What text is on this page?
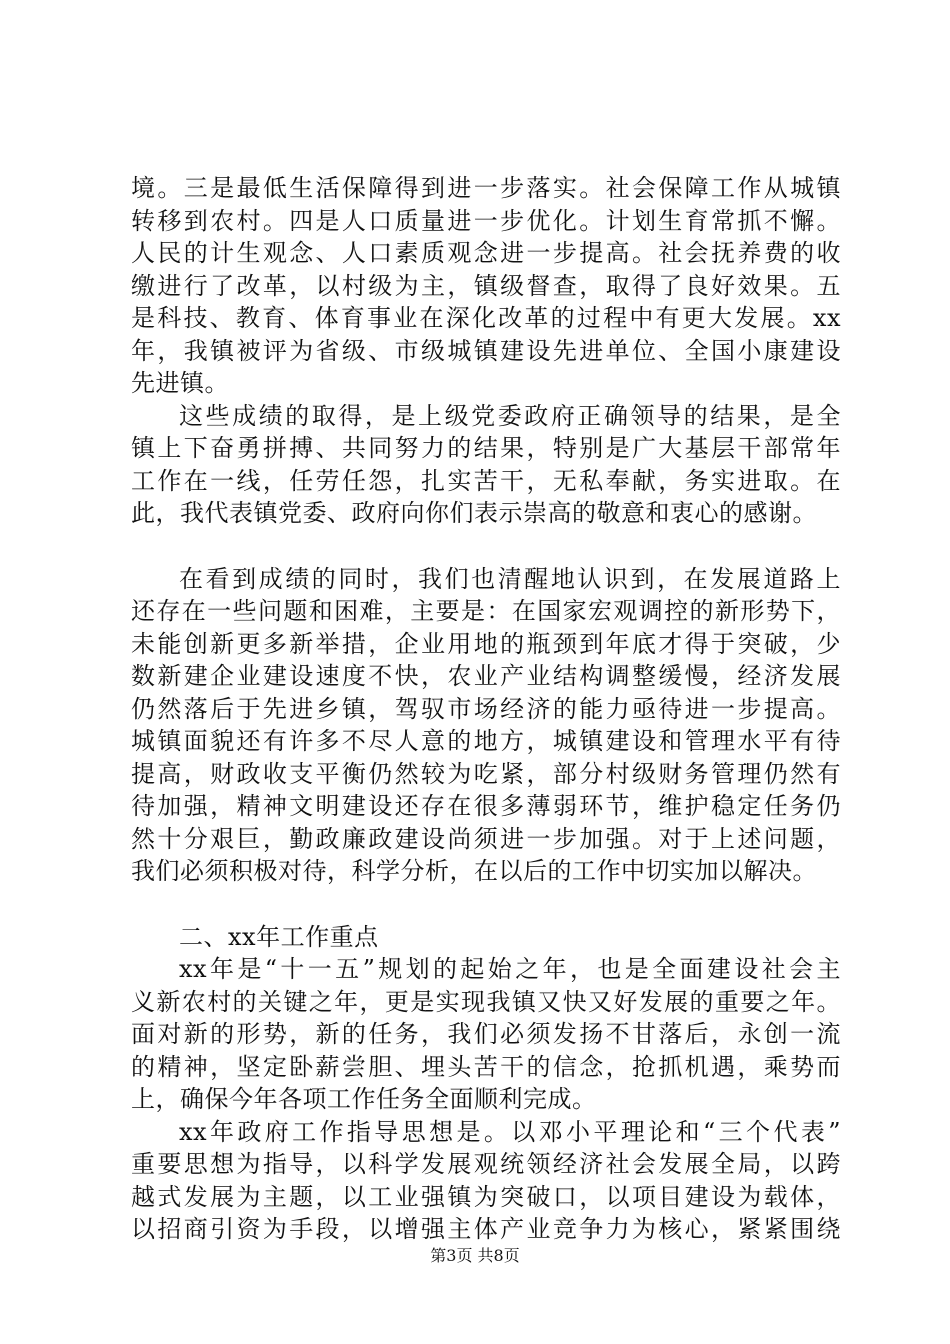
境。三是最低生活保障得到进一步落实。社会保障工作从城镇
转移到农村。四是人口质量进一步优化。计划生育常抓不懈。
人民的计生观念、人口素质观念进一步提高。社会抚养费的收
缴进行了改革，以村级为主，镇级督查，取得了良好效果。五
是科技、教育、体育事业在深化改革的过程中有更大发展。xx
年，我镇被评为省级、市级城镇建设先进单位、全国小康建设
先进镇。
这些成绩的取得，是上级党委政府正确领导的结果，是全
镇上下奋勇拼搏、共同努力的结果，特别是广大基层干部常年
工作在一线，任劳任怨，扎实苦干，无私奉献，务实进取。在
此，我代表镇党委、政府向你们表示崇高的敬意和衷心的感谢。
在看到成绩的同时，我们也清醒地认识到，在发展道路上
还存在一些问题和困难，主要是：在国家宏观调控的新形势下，
未能创新更多新举措，企业用地的瓶颈到年底才得于突破，少
数新建企业建设速度不快，农业产业结构调整缓慢，经济发展
仍然落后于先进乡镇，驾驭市场经济的能力亟待进一步提高。
城镇面貌还有许多不尽人意的地方，城镇建设和管理水平有待
提高，财政收支平衡仍然较为吃紧，部分村级财务管理仍然有
待加强，精神文明建设还存在很多薄弱环节，维护稳定任务仍
然十分艰巨，勤政廉政建设尚须进一步加强。对于上述问题，
我们必须积极对待，科学分析，在以后的工作中切实加以解决。
二、xx年工作重点
xx年是“十一五”规划的起始之年，也是全面建设社会主
义新农村的关键之年，更是实现我镇又快又好发展的重要之年。
面对新的形势，新的任务，我们必须发扬不甘落后，永创一流
的精神，坚定卧薪尝胆、埋头苦干的信念，抢抓机遇，乘势而
上，确保今年各项工作任务全面顺利完成。
xx年政府工作指导思想是。以邓小平理论和“三个代表”
重要思想为指导，以科学发展观统领经济社会发展全局，以跨
越式发展为主题，以工业强镇为突破口，以项目建设为载体，
以招商引资为手段，以增强主体产业竞争力为核心，紧紧围绕
第3页 共8页
